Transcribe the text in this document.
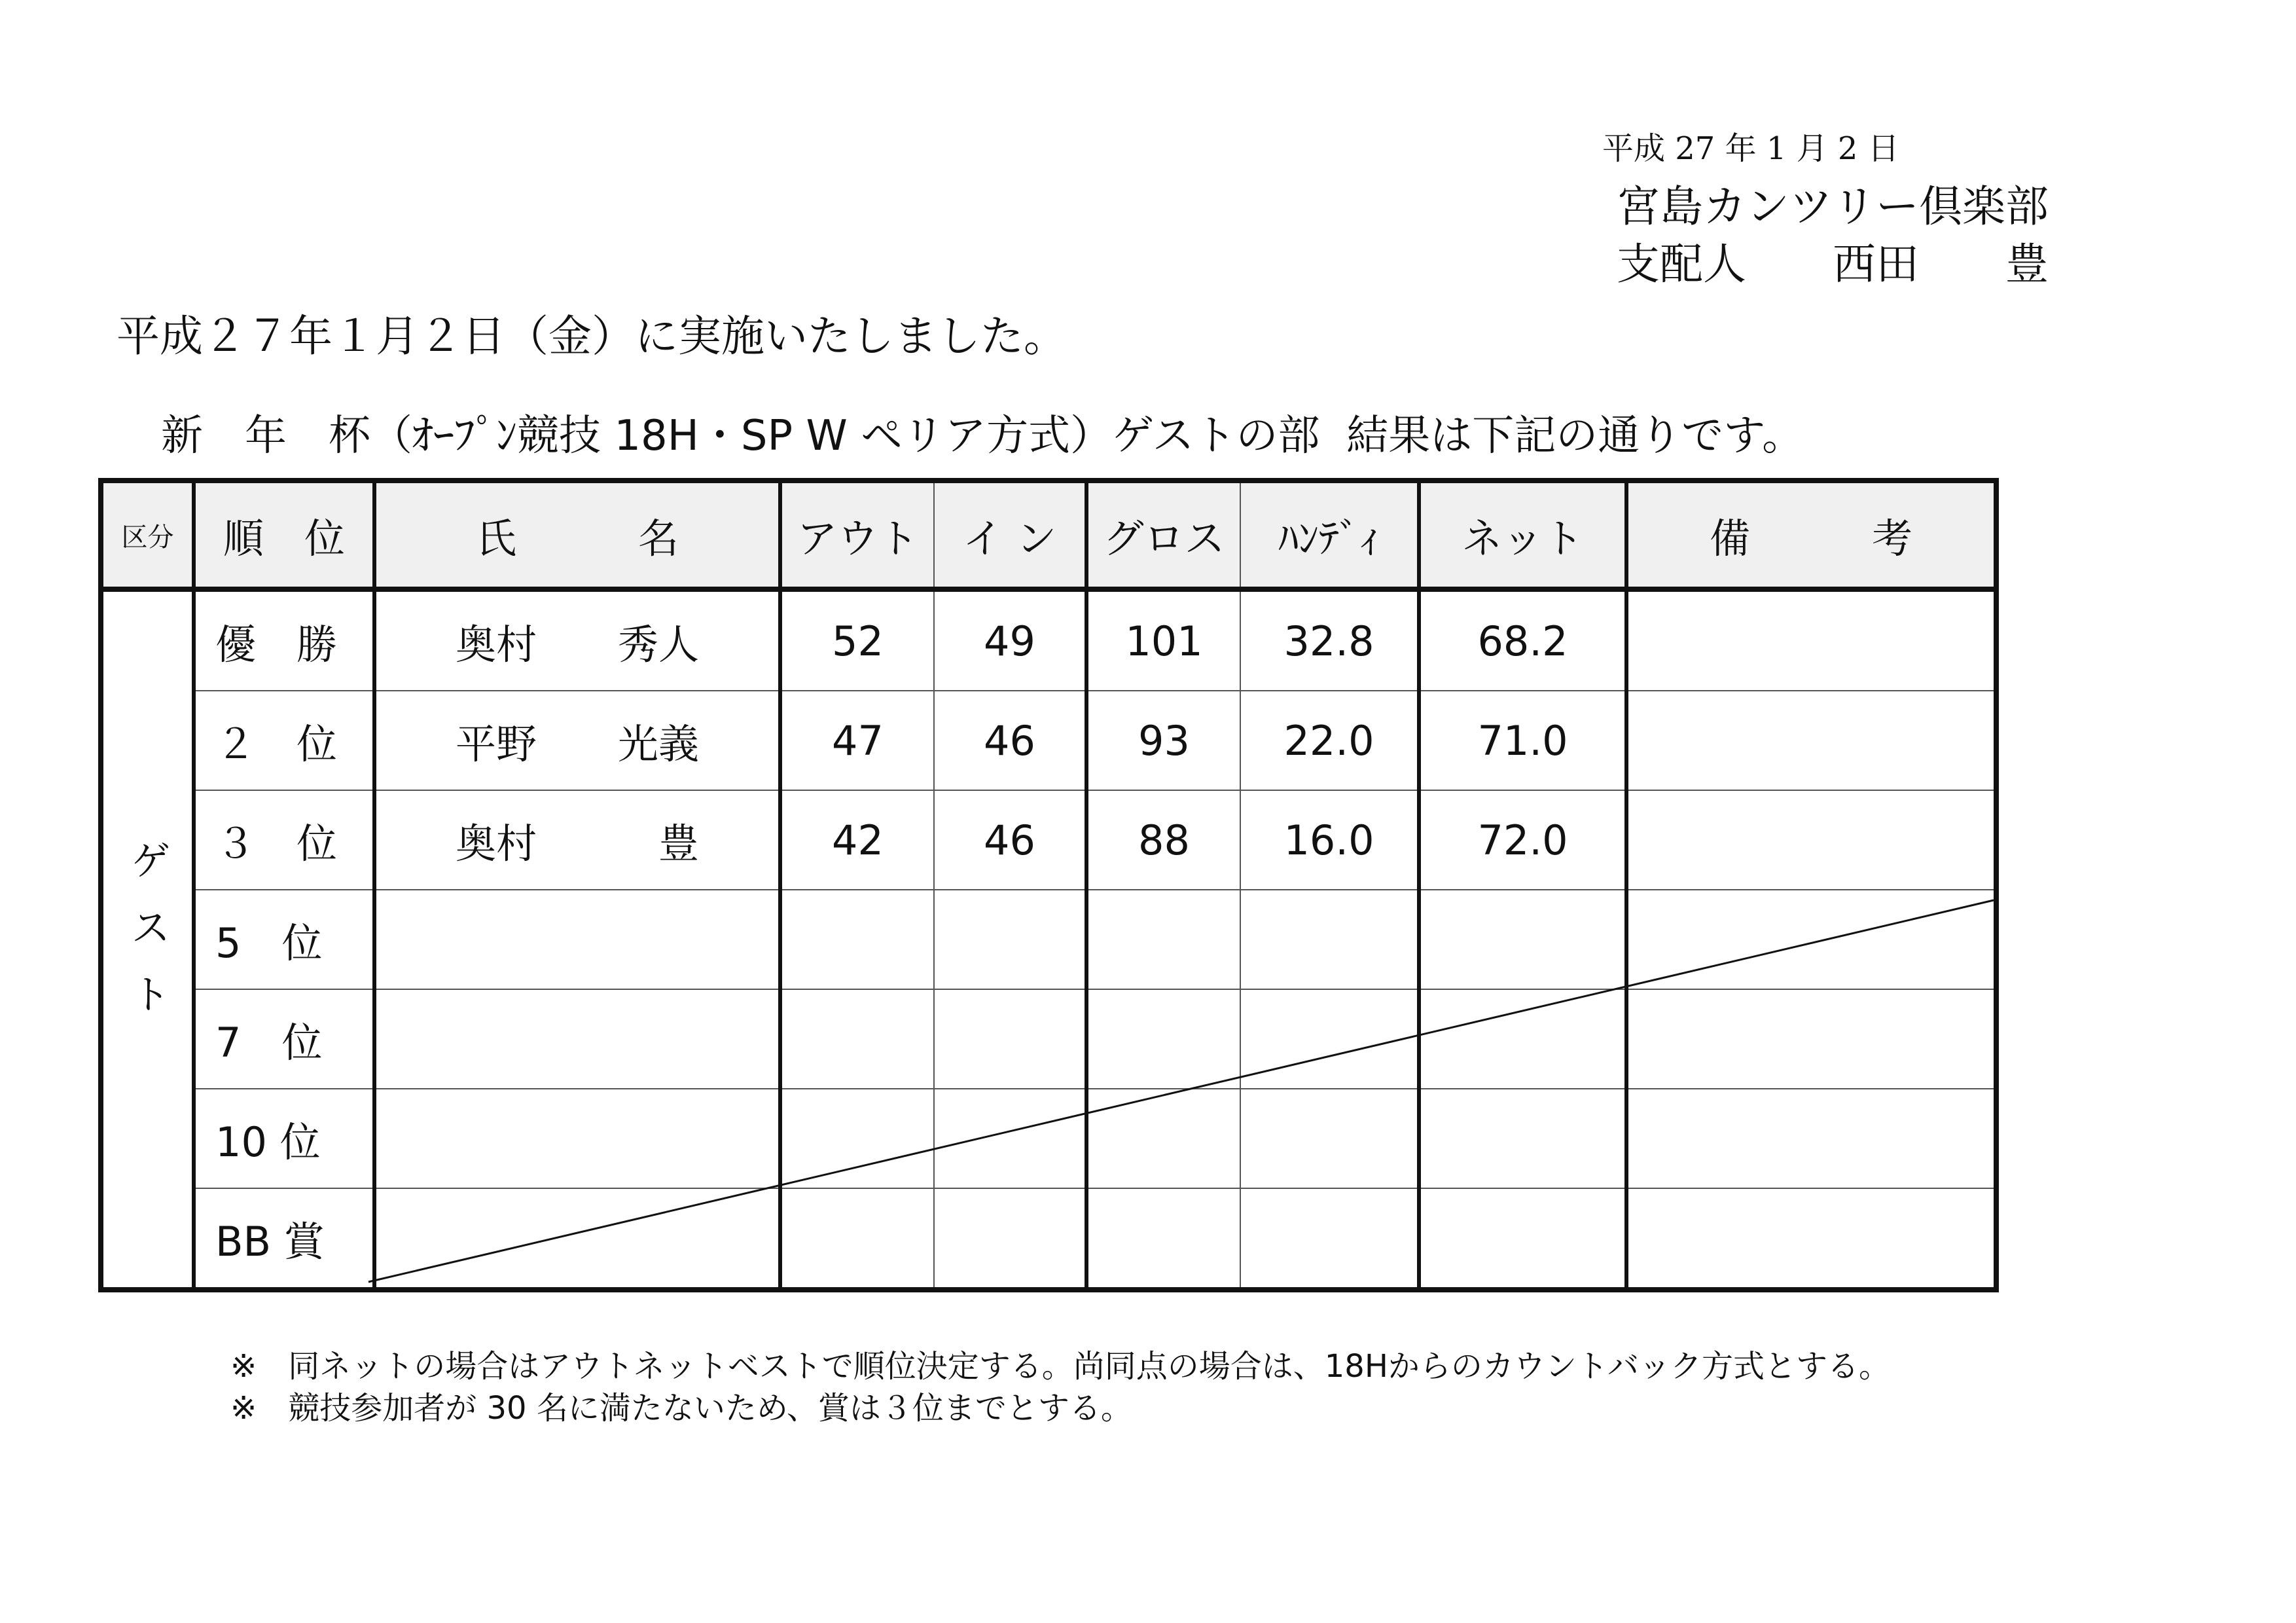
平成 27 年 1 月 2 日
宮島カンツリー倶楽部
支配人　　西田　　豊
平成２７年１月２日（金）に実施いたしました。
新　年　杯（ｵｰﾌﾟﾝ競技 18H・SP W ペリア方式）ゲストの部  結果は下記の通りです。
区分	順　位	氏　　　名	アウト	イ ン	グロス	ﾊﾝﾃﾞｨ	ネット	備　　　考
ゲスト	優　勝	奥村　　秀人	52	49	101	32.8	68.2	
	２　位	平野　　光義	47	46	93	22.0	71.0	
	３　位	奥村　　　豊	42	46	88	16.0	72.0	
	5　位							
	7　位							
	10 位							
	BB 賞							
※　同ネットの場合はアウトネットベストで順位決定する。尚同点の場合は、18Hからのカウントバック方式とする。
※　競技参加者が 30 名に満たないため、賞は３位までとする。
